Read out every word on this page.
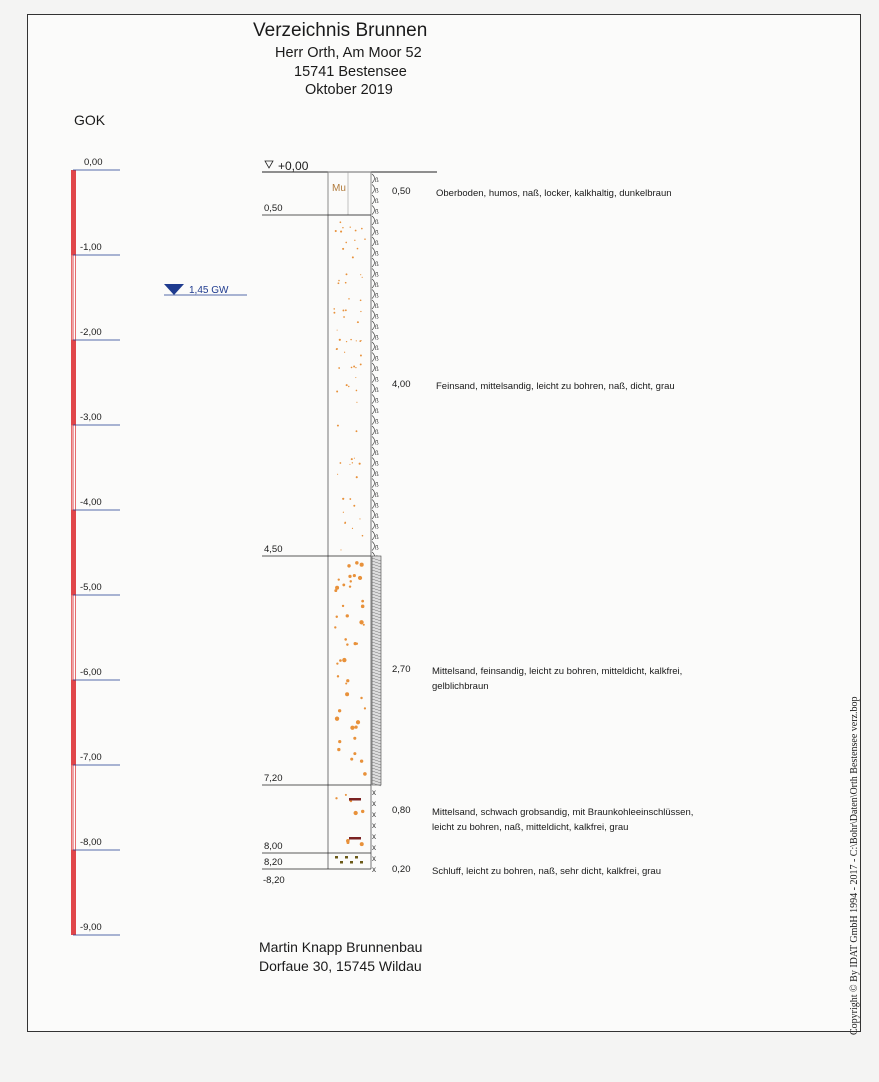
Verzeichnis Brunnen
Herr Orth, Am Moor 52
15741 Bestensee
Oktober 2019
GOK
ß
ß
ß
ß
ß
ß
ß
ß
ß
ß
ß
ß
ß
ß
ß
ß
ß
ß
ß
ß
ß
ß
ß
ß
ß
ß
ß
ß
ß
ß
ß
ß
ß
ß
ß
ß
x
x
x
x
x
x
x
x
0,00
-1,00
-2,00
-3,00
-4,00
-5,00
-6,00
-7,00
-8,00
-9,00
1,45 GW
+0,00
0,50
0,50	Oberboden, humos, naß, locker, kalkhaltig, dunkelbraun
4,50
4,00	Feinsand, mittelsandig, leicht zu bohren, naß, dicht, grau
7,20
2,70 Mittelsand, feinsandig, leicht zu bohren, mitteldicht, kalkfrei, gelblichbraun
8,00
0,80 Mittelsand, schwach grobsandig, mit Braunkohleeinschlüssen, leicht zu bohren, naß, mitteldicht, kalkfrei, grau
8,20
0,20 Schluff, leicht zu bohren, naß, sehr dicht, kalkfrei, grau
Mu
-8,20
Martin Knapp Brunnenbau
Dorfaue 30, 15745 Wildau	Copyright © By IDAT GmbH 1994 - 2017 - C:\Bohr\Daten\Orth Bestensee verz.bop
